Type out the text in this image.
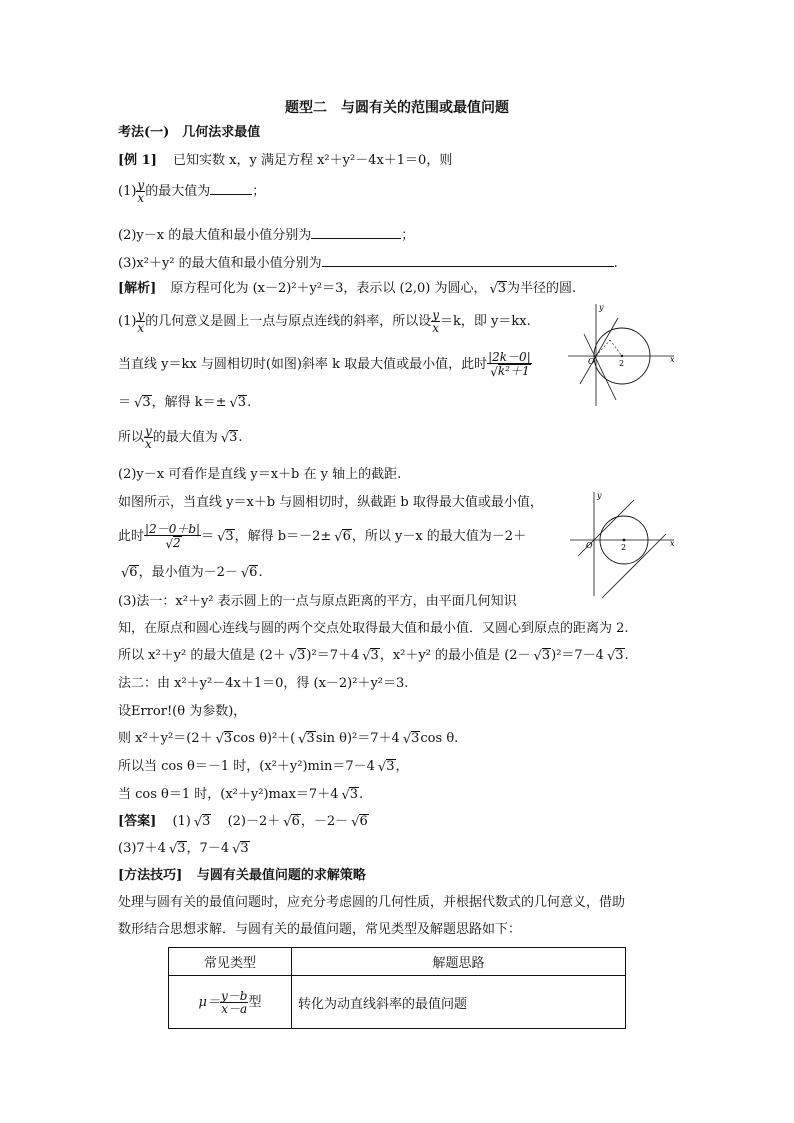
题型二　与圆有关的范围或最值问题
考法(一)　几何法求最值
[例 1] 已知实数 x，y 满足方程 x²＋y²－4x＋1＝0，则
$(1) \frac{y}{x}$ 的最大值为	；
(2)y－x 的最大值和最小值分别为	；
(3)x²＋y² 的最大值和最小值分别为	.
[解析] 原方程可化为 (x－2)²＋y²＝3，表示以 (2,0) 为圆心， √ 3为半径的圆.
$(1) \frac{y}{x}$ 的几何意义是圆上一点与原点连线的斜率，所以设 $\frac{y}{x} =k$，即 y＝kx.
当直线 y＝kx 与圆相切时(如图)斜率 k 取最大值或最小值，此时 |2k－0|
√ k²＋1
＝ √ 3，解得 k＝± √ 3.
所以 $\frac{y}{x}$ 的最大值为 √ 3.
(2)y－x 可看作是直线 y＝x＋b 在 y 轴上的截距.
如图所示，当直线 y＝x＋b 与圆相切时，纵截距 b 取得最大值或最小值，
此时 |2－0＋b|
√ 2 ＝ √ 3，解得 b＝－2± √ 6，所以 y－x 的最大值为－2＋
√ 6，最小值为－2－ √ 6.
(3)法一：x²＋y² 表示圆上的一点与原点距离的平方，由平面几何知识
知，在原点和圆心连线与圆的两个交点处取得最大值和最小值．又圆心到原点的距离为 2.
所以 x²＋y² 的最大值是 (2＋ √ 3)²＝7＋4 √ 3，x²＋y² 的最小值是 (2－ √ 3)²＝7－4 √ 3.
法二：由 x²＋y²－4x＋1＝0，得 (x－2)²＋y²＝3.
设Error!(θ 为参数)，
则 x²＋y²＝(2＋ √ 3cos θ)²＋( √ 3sin θ)²＝7＋4 √ 3cos θ.
所以当 cos θ＝－1 时，(x²＋y²)min＝7－4 √ 3，
当 cos θ＝1 时，(x²＋y²)max＝7＋4 √ 3.
[答案] (1) √ 3 (2)－2＋ √ 6，－2－ √ 6
(3)7＋4 √ 3，7－4 √ 3
[方法技巧] 与圆有关最值问题的求解策略
处理与圆有关的最值问题时，应充分考虑圆的几何性质，并根据代数式的几何意义，借助
数形结合思想求解．与圆有关的最值问题，常见类型及解题思路如下：
常见类型	解题思路
$\mu= \frac{y-b}{x-a}$ 型	转化为动直线斜率的最值问题
x
y
O	2
x
y
O	2
